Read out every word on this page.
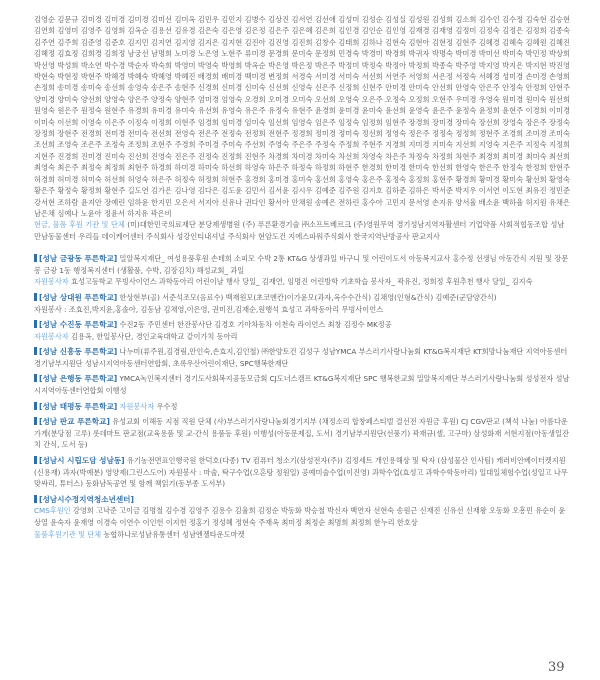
김영순 김문규 김미경 김미경 김미경 김미선 김미옥 김민우 김민지 김병수 김상진 김서연 김선애 김성미 김성순 김성실 김성원 김성희 김소희 김수인 김수정 김숙현 김승현 김연희 김영미 김영주 김영희 김옥순 김용선 김유경 김은숙 김은영 김은정 김은주 김은혜 김은희 김인경 김인순 김인영 김재경 김재영 김정미 김정숙 김정은 김정희 김종숙 김주연 김주희 김준영 김준호 김지민 김지연 김지영 김지은 김지현 김진아 김진영 김진희 김창수 김태희 김하나 김현숙 김현아 김현정 김현주 김혜경 김혜숙 김혜원 김혜진 김혜정 김효정 김희경 김희정 남궁선 남명희 노미경 노은영 노현주 류미경 문경희 문미숙 문정희 민경숙 박경미 박경희 박귀자 박명숙 박미경 박미선 박미숙 박민정 박상희 박선영 박성희 박소연 박수경 박순자 박숙희 박영미 박영숙 박영희 박옥순 박은영 박은정 박은주 박정미 박정숙 박정아 박정희 박종숙 박주영 박지영 박지은 박지현 박진영 박현숙 박현정 박현주 박혜경 박혜숙 박혜영 박혜진 배경희 배미경 백미경 변정희 서경숙 서미경 서미숙 서선희 서연주 서영희 서은정 서정숙 서혜경 성미경 손미경 손영희 손정희 송미경 송미숙 송선희 송영숙 송은주 송현주 신경희 신미경 신미숙 신선희 신영숙 신은주 신정희 신현주 안미경 안미숙 안선희 안영숙 안은주 안정숙 안정희 안현주 양미경 양미숙 양선희 양영숙 양은주 양정숙 양현주 엄미경 엄영숙 오경희 오미경 오미숙 오선희 오영숙 오은주 오정숙 오정희 오현주 우미경 우영숙 원미경 원미숙 원선희 원영숙 원은주 원정숙 원현주 유경희 유미경 유미숙 유선희 유영숙 유은주 유정숙 유현주 윤경희 윤미경 윤미숙 윤선희 윤영숙 윤은주 윤정숙 윤정희 윤현주 이경희 이미경 이미숙 이선희 이영숙 이은주 이정숙 이정희 이현주 임경희 임미경 임미숙 임선희 임영숙 임은주 임정숙 임정희 임현주 장경희 장미경 장미숙 장선희 장영숙 장은주 장정숙 장정희 장현주 전경희 전미경 전미숙 전선희 전영숙 전은주 전정숙 전정희 전현주 정경희 정미경 정미숙 정선희 정영숙 정은주 정정숙 정정희 정현주 조경희 조미경 조미숙 조선희 조영숙 조은주 조정숙 조정희 조현주 주경희 주미경 주미숙 주선희 주영숙 주은주 주정숙 주정희 주현주 지경희 지미경 지미숙 지선희 지영숙 지은주 지정숙 지정희 지현주 진경희 진미경 진미숙 진선희 진영숙 진은주 진정숙 진정희 진현주 차경희 차미경 차미숙 차선희 차영숙 차은주 차정숙 차정희 차현주 최경희 최미경 최미숙 최선희 최영숙 최은주 최정숙 최정희 최현주 하경희 하미경 하미숙 하선희 하영숙 하은주 하정숙 하정희 하현주 한경희 한미경 한미숙 한선희 한영숙 한은주 한정숙 한정희 한현주 허경희 허미경 허미숙 허선희 허영숙 허은주 허정숙 허정희 허현주 홍경희 홍미경 홍미숙 홍선희 홍영숙 홍은주 홍정숙 홍정희 홍현주 황경희 황미경 황미숙 황선희 황영숙 황은주 황정숙 황정희 황현주 길도연 김가은 김나영 김다은 김도윤 김민서 김서윤 김시우 김예준 김주원 김지호 김하준 김하은 박서준 박지우 이서연 이도현 최유진 정민준 강서현 조하람 윤지안 장예린 임하윤 한지민 오은서 서지아 신유나 권다인 황서아 안채원 송예은 전하린 홍수아 고민지 문서영 손지유 양서율 배소윤 백하율 허지원 유채은 남은채 심예나 노윤아 정윤서 하지유 곽은비

현금, 물품 후원 기관 및 단체 (미)대한민국의료재단 분당제생병원 (주) 푸른환경기술 ㈜소프트베르크 (주)영원무역 경기성남지역자활센터 기업약품 사회적협동조합 성남만남동물센터 우리들 데이케어센터 주식회사 성강인티내셔널 주식회사 현암도건 지에스파워주식회사 한국지역난방공사 판교지사

[성남 금광동 푸른학교] 밀알복지재단_ 여성용품후원 손테희 소피모 수박 2통 KT&G 상생과일 바구니 및 어린이도서 아동복지교사 홍수정 선생님 아동간식 지원 및 장문 봉 금광 1동 행정복지센터 (생활품, 수박, 김장김치) 해성교회_ 과일
자원봉사자 효성고등학교 무빙사이언스 과학동아리 어린이날 행사 당일_ 김재연, 임명진 어린방학 기초학습 봉사자_ 곽유진, 정희정 후원추천 행사 당일_ 김지숙

[성남 상대원 푸른학교] 한상현부(골) 서준석조모(음료수) 백재원모(초코엔칸)이가윤모(과자,옥수수간식) 김채영(인형&간식) 김예준(군담양간식)
자원봉사 : 조효진,박지윤,홍솔아, 김동남 김채영,이은영, 권미진,김재순,원행석 효성고 과학동아리 무빙사이언스

[성남 수진동 푸른학교] 수진2동 주민센터 한잔봉사단 김경호 기아차동차 이천숙 라이언스 최창 김정수 MK정공
자원봉사자 김용옥, 한일봉사단, 경인교육대학교 같이가치 동아리

[성남 신흥동 푸른학교] 나누미(류주원,김경림,안인숙,손효지,김인철) ㈜한양토건 김성구 성남YMCA 부스러기사랑나눔회 KT&G복지재단 KT희망나눔재단 지역아동센터 경기남부지원단 성남시지역아동센터연합회, 초록우산어린이재단, SPC행복한재단

[성남 은행동 푸른학교] YMCA녹인복지센터 경기도사회복지공동모금회 CJ도너스캠프 KT&G복지재단 SPC 행복한교회 밀알복지재단 부스러기사랑나눔회 성성전자 성남시지역아동센터연합회 이행성

[성남 태평동 푸른학교] 자원봉사자 우수정

[성남 판교 푸른학교] 유성교회 이해동 지점 직원 단체 (사)부스러기사랑나눔회경기지부 (채정소리 합창페스티벌 결선전 자원금 후원) CJ CGV판교 (책석 나눔) 아름다운 가게(분당점 고루) 롯데마트 판교점(교육용품 및 교·간식 용품등 후원) 이행성(아동문제집, 도서) 경기남부지원단(선풍기) 곽재규(셀, 고구마) 삼성화재 서현지점(아동생일잔치 간식, 도서 등)

[성남시 시립도담 성남동] 유기농전면표인행국원 한덕호(다종) TV 컴퓨터 청소기(삼성전자(주)) 김정세트 개인용해상 및 탁자 (삼성물산 인사팀) 캐러비안베이터켓지원(신용재) 과자(박예분) 영양제(그린스도어) 자원봉사 : 마술, 탁구수업(오흔탕 정원일) 공예미술수업(이진영) 과학수업(효성고 과학수학동아리) 일대일체험수업(성일고 나무맞싸리, 튜터스) 동화남독공연 및 함께 책읽기(동부종 도서부)

[성남시수정지역청소년센터]
CMS후원인 강영희 고낙준 고이금 김명철 김수경 김영주 김용수 김율희 김정순 박동화 박승철 박신자 백연자 선현숙 송원근 신재진 신유선 신재왕 오동화 오흥민 유순이 윤상열 윤숙자 윤재영 이경숙 이연수 이인헌 이지헌 정홍기 정성혜 정현숙 주재옥 최미정 최정순 최명희 최정희 한누리 한호상
물품후원기관 및 단체 농협하나로성남유통센터 성남엔젤타운도마켓

39
